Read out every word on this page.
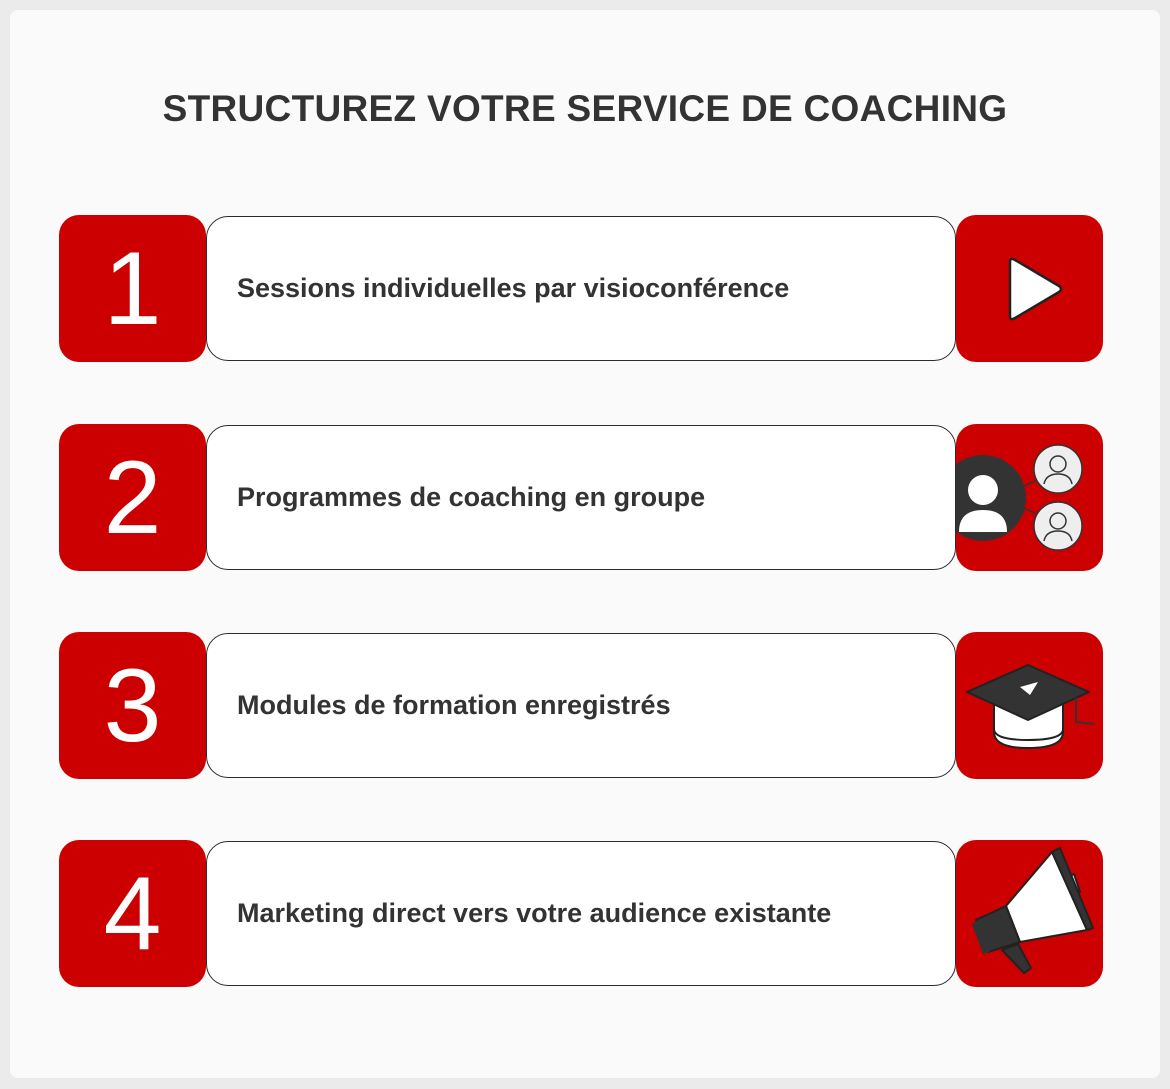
STRUCTUREZ VOTRE SERVICE DE COACHING
1	Sessions individuelles par visioconférence
2	Programmes de coaching en groupe
3	Modules de formation enregistrés
4	Marketing direct vers votre audience existante
